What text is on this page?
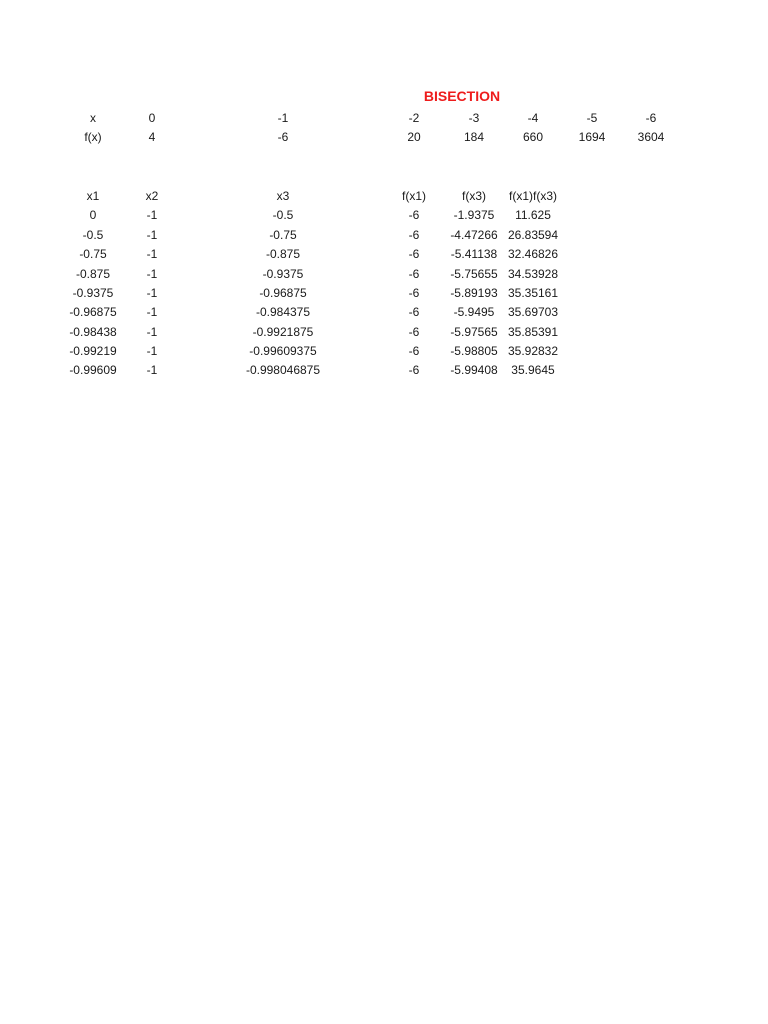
BISECTION
x	0	-1	-2	-3	-4	-5	-6
f(x)	4	-6	20	184	660	1694	3604
x1	x2	x3	f(x1)	f(x3)	f(x1)f(x3)
0	-1	-0.5	-6	-1.9375	11.625
-0.5	-1	-0.75	-6	-4.47266 26.83594
-0.75	-1	-0.875	-6	-5.41138 32.46826
-0.875	-1	-0.9375	-6	-5.75655 34.53928
-0.9375	-1	-0.96875	-6	-5.89193 35.35161
-0.96875	-1	-0.984375	-6	-5.9495	35.69703
-0.98438	-1	-0.9921875	-6	-5.97565 35.85391
-0.99219	-1	-0.99609375	-6	-5.98805 35.92832
-0.99609	-1	-0.998046875	-6	-5.99408	35.9645
